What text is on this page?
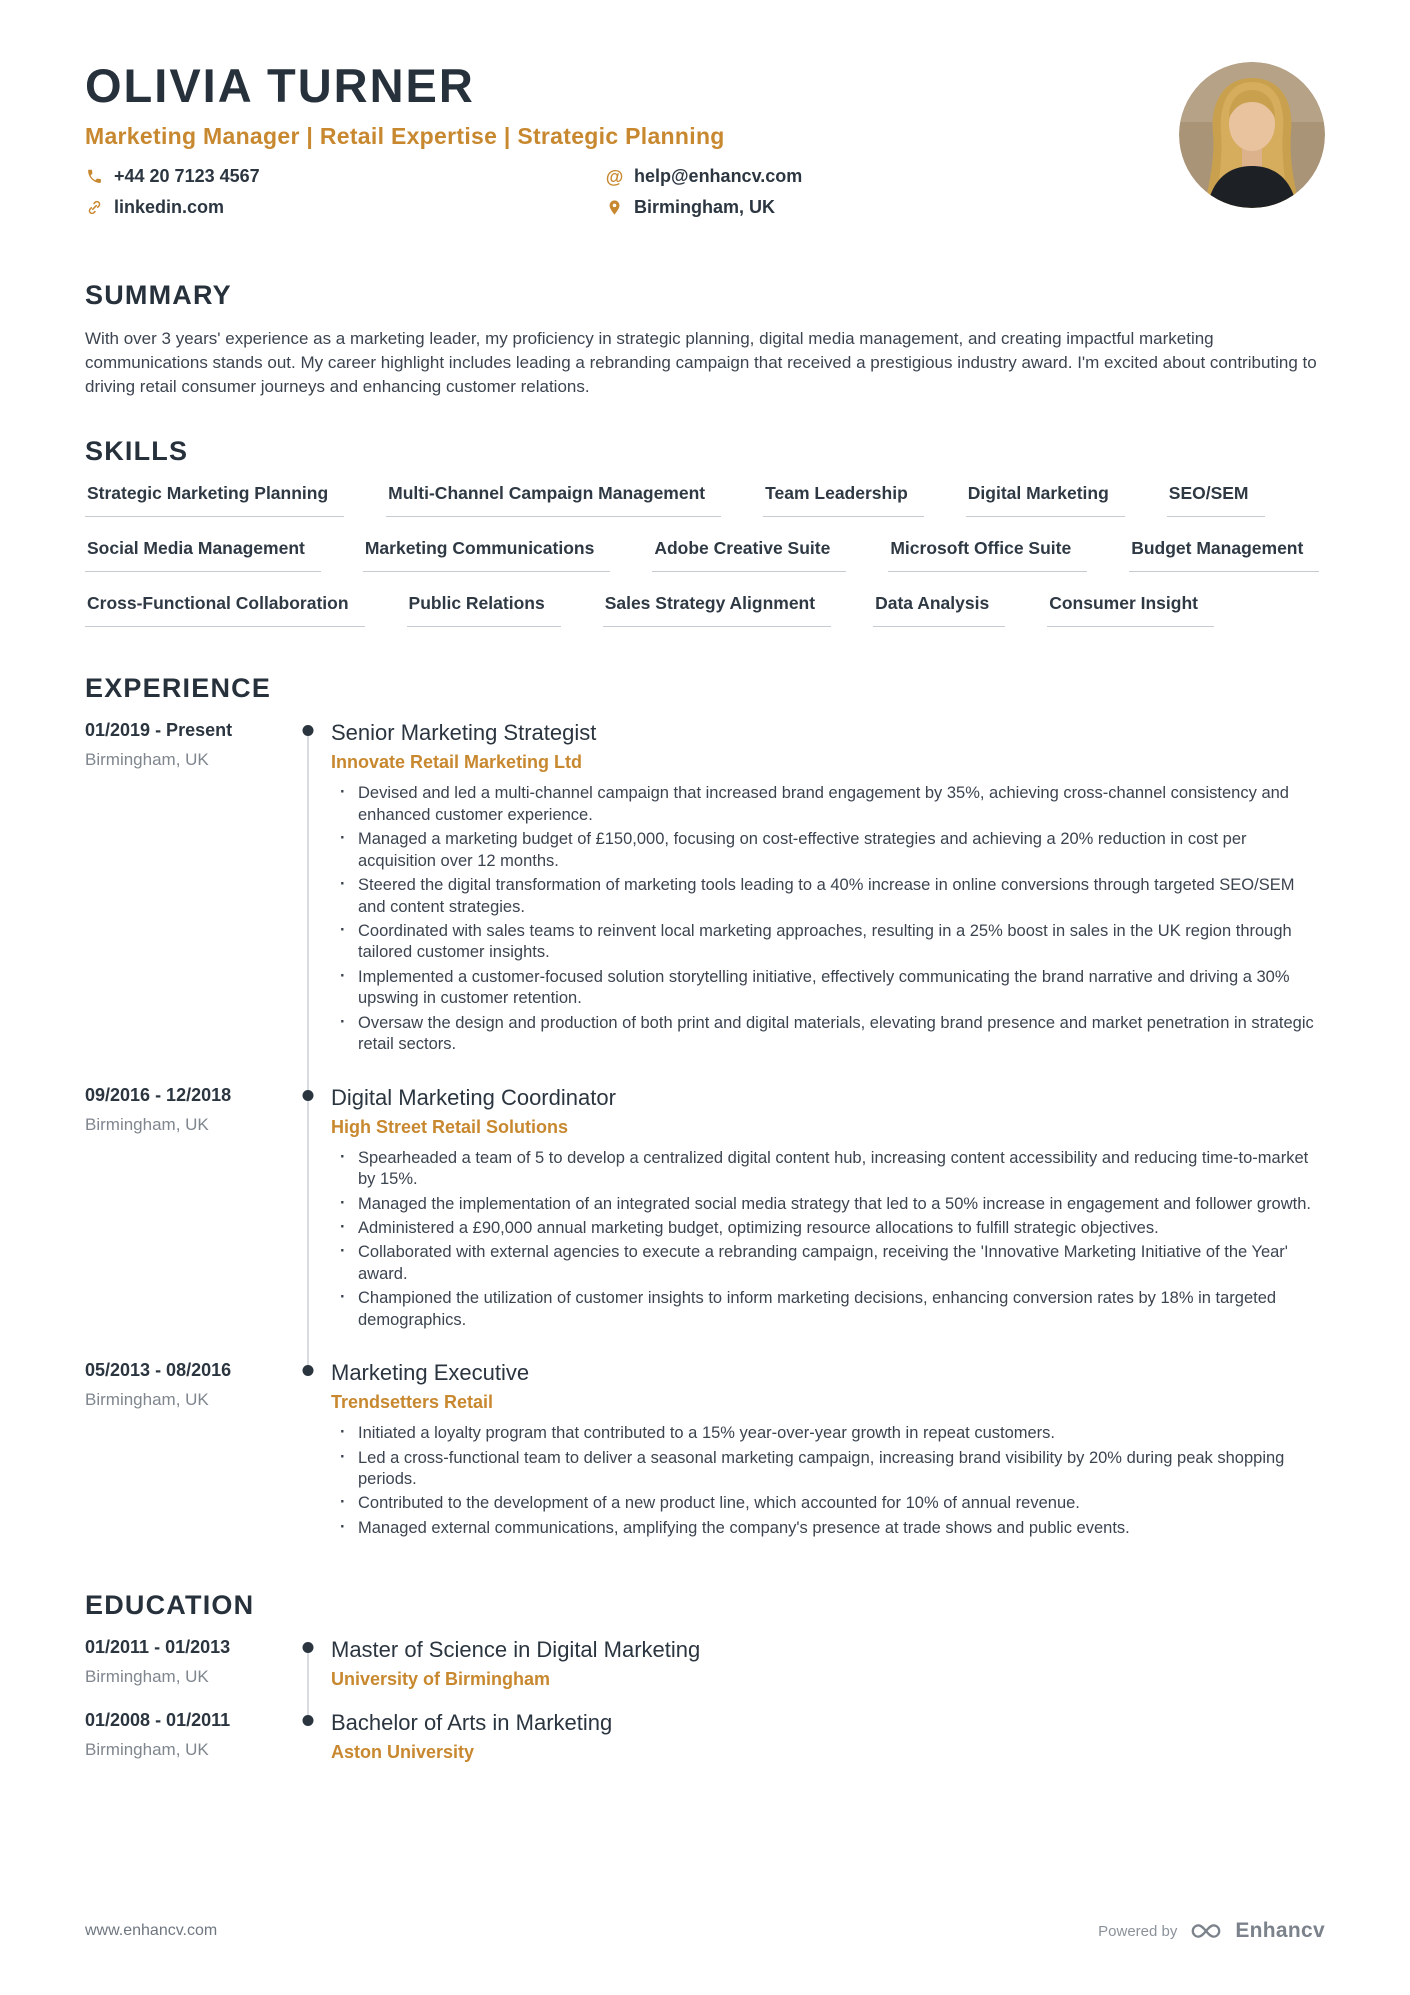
OLIVIA TURNER
Marketing Manager | Retail Expertise | Strategic Planning
+44 20 7123 4567	@ help@enhancv.com
linkedin.com	Birmingham, UK
SUMMARY

With over 3 years' experience as a marketing leader, my proficiency in strategic planning, digital media management, and creating impactful marketing communications stands out. My career highlight includes leading a rebranding campaign that received a prestigious industry award. I'm excited about contributing to driving retail consumer journeys and enhancing customer relations.

SKILLS
Strategic Marketing Planning	Multi-Channel Campaign Management	Team Leadership	Digital Marketing	SEO/SEM
Social Media Management	Marketing Communications	Adobe Creative Suite	Microsoft Office Suite	Budget Management
Cross-Functional Collaboration	Public Relations	Sales Strategy Alignment	Data Analysis	Consumer Insight
EXPERIENCE
01/2019 - Present
Birmingham, UK
Senior Marketing Strategist
Innovate Retail Marketing Ltd
· Devised and led a multi-channel campaign that increased brand engagement by 35%, achieving cross-channel consistency and enhanced customer experience.
· Managed a marketing budget of £150,000, focusing on cost-effective strategies and achieving a 20% reduction in cost per acquisition over 12 months.
· Steered the digital transformation of marketing tools leading to a 40% increase in online conversions through targeted SEO/SEM and content strategies.
· Coordinated with sales teams to reinvent local marketing approaches, resulting in a 25% boost in sales in the UK region through tailored customer insights.
· Implemented a customer-focused solution storytelling initiative, effectively communicating the brand narrative and driving a 30% upswing in customer retention.
· Oversaw the design and production of both print and digital materials, elevating brand presence and market penetration in strategic retail sectors.
09/2016 - 12/2018
Birmingham, UK
Digital Marketing Coordinator
High Street Retail Solutions
· Spearheaded a team of 5 to develop a centralized digital content hub, increasing content accessibility and reducing time-to-market by 15%.
· Managed the implementation of an integrated social media strategy that led to a 50% increase in engagement and follower growth.
· Administered a £90,000 annual marketing budget, optimizing resource allocations to fulfill strategic objectives.
· Collaborated with external agencies to execute a rebranding campaign, receiving the 'Innovative Marketing Initiative of the Year' award.
· Championed the utilization of customer insights to inform marketing decisions, enhancing conversion rates by 18% in targeted demographics.
05/2013 - 08/2016
Birmingham, UK
Marketing Executive
Trendsetters Retail
· Initiated a loyalty program that contributed to a 15% year-over-year growth in repeat customers.
· Led a cross-functional team to deliver a seasonal marketing campaign, increasing brand visibility by 20% during peak shopping periods.
· Contributed to the development of a new product line, which accounted for 10% of annual revenue.
· Managed external communications, amplifying the company's presence at trade shows and public events.
EDUCATION
01/2011 - 01/2013
Birmingham, UK
Master of Science in Digital Marketing
University of Birmingham
01/2008 - 01/2011
Birmingham, UK
Bachelor of Arts in Marketing
Aston University
www.enhancv.com	Powered by	Enhancv
